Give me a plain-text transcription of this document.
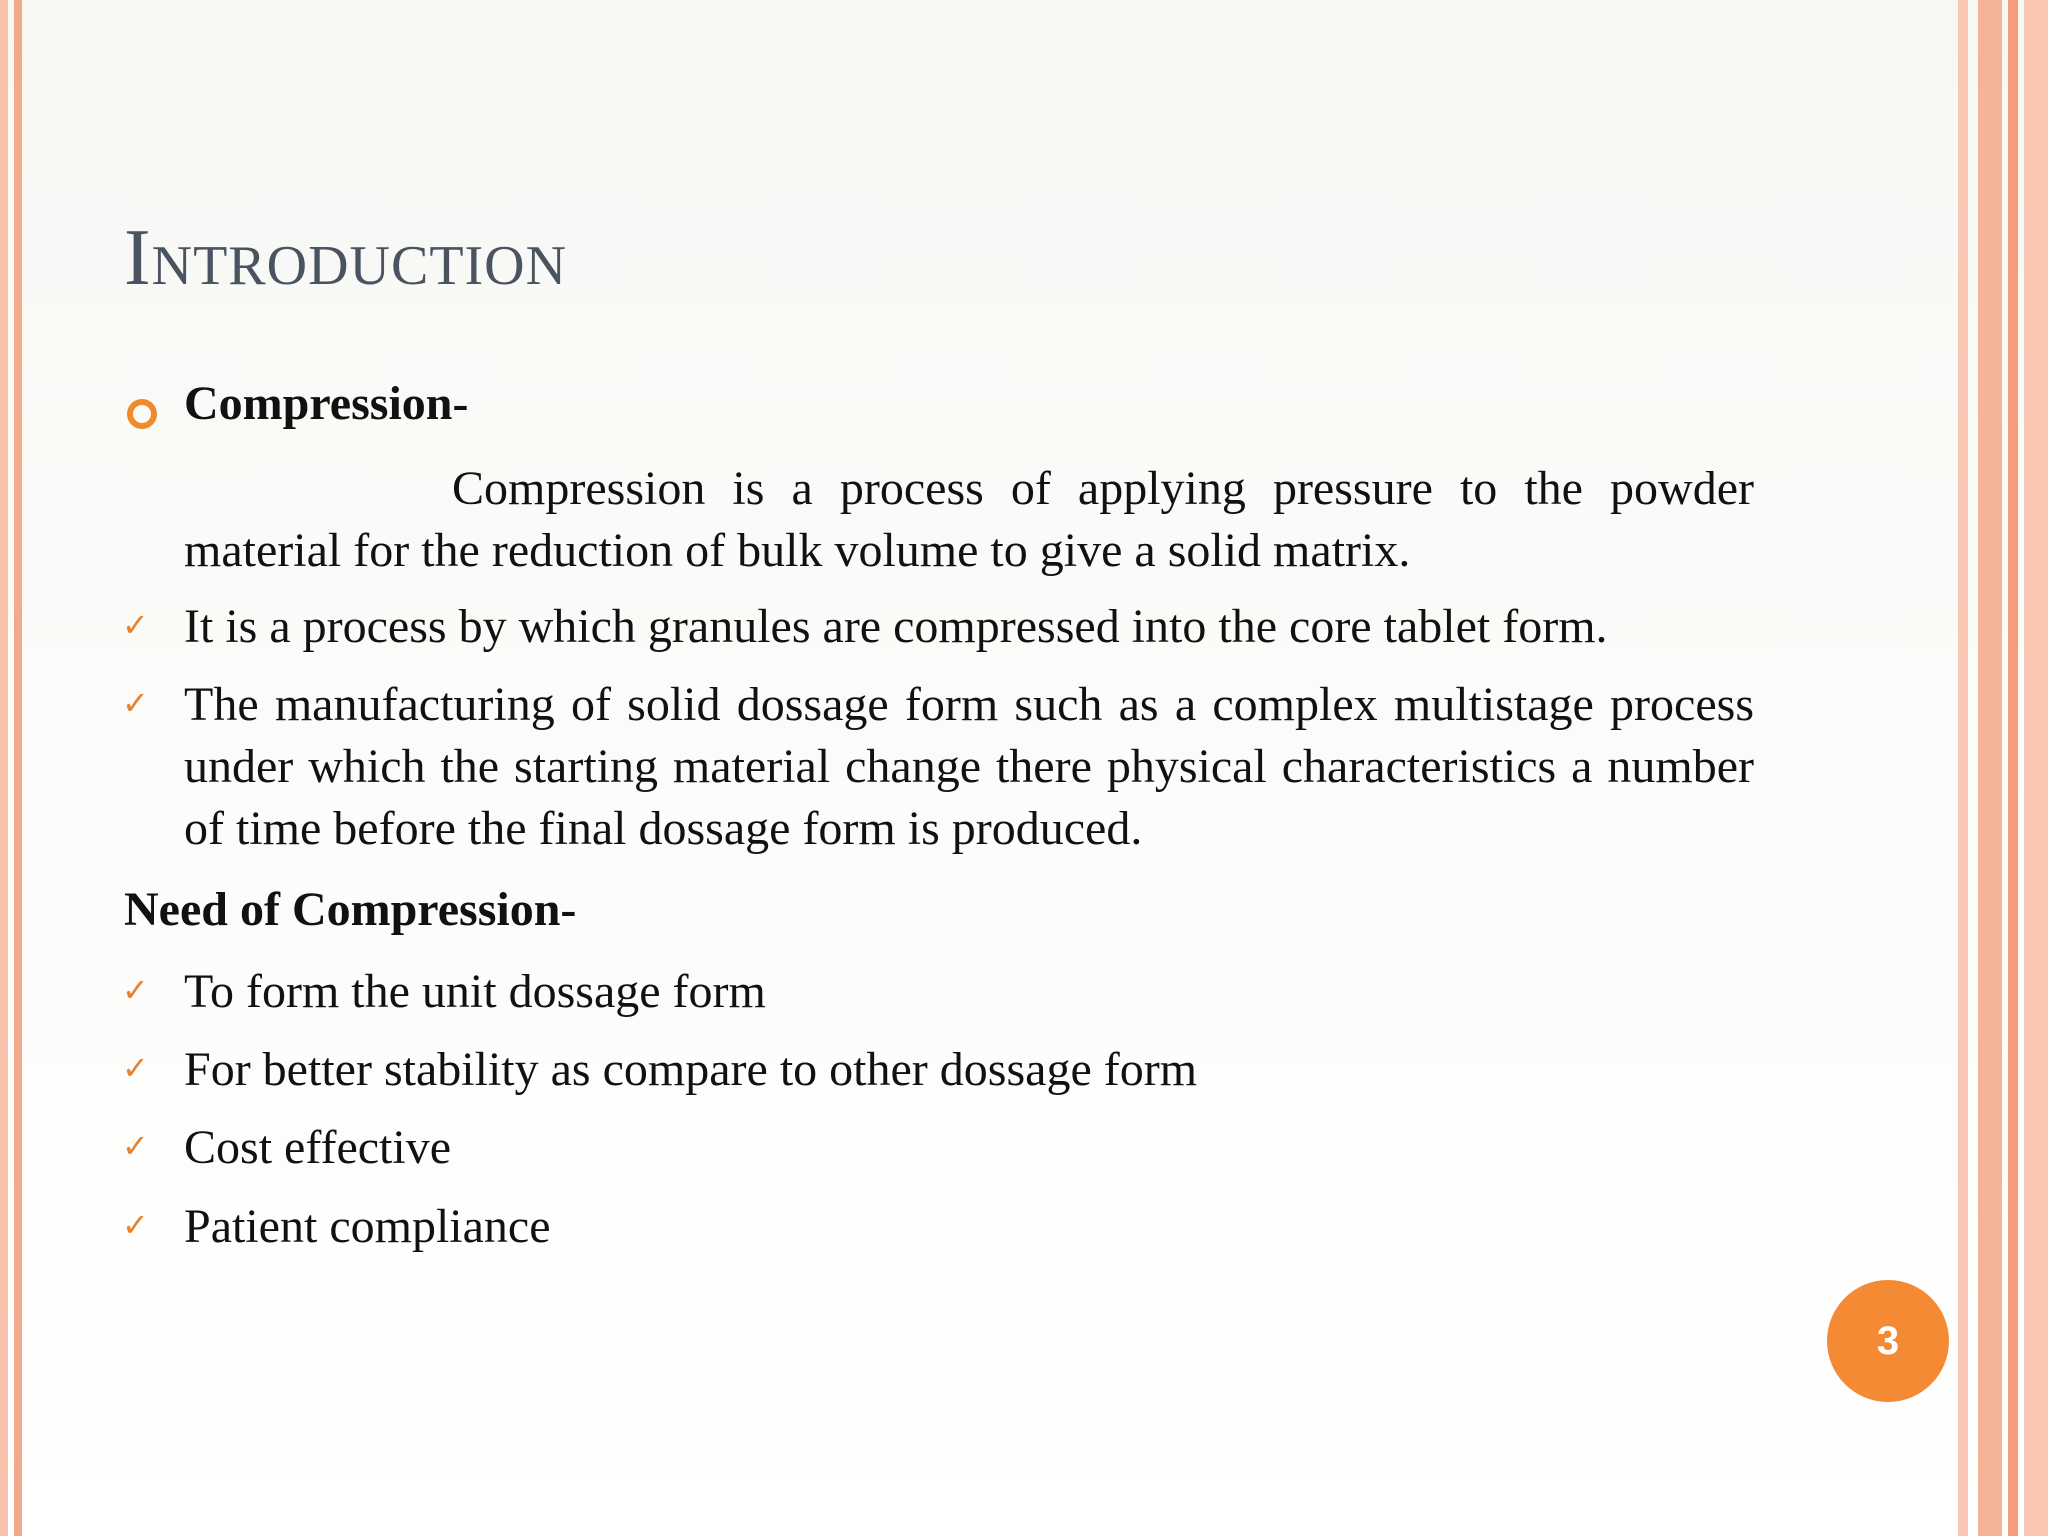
Introduction
Compression-
Compression is a process of applying pressure to the powder material for the reduction of bulk volume to give a solid matrix.
✓ It is a process by which granules are compressed into the core tablet form.
✓ The manufacturing of solid dossage form such as a complex multistage process under which the starting material change there physical characteristics a number of time before the final dossage form is produced.
Need of Compression-
✓ To form the unit dossage form
✓ For better stability as compare to other dossage form
✓ Cost effective
✓ Patient compliance
3
